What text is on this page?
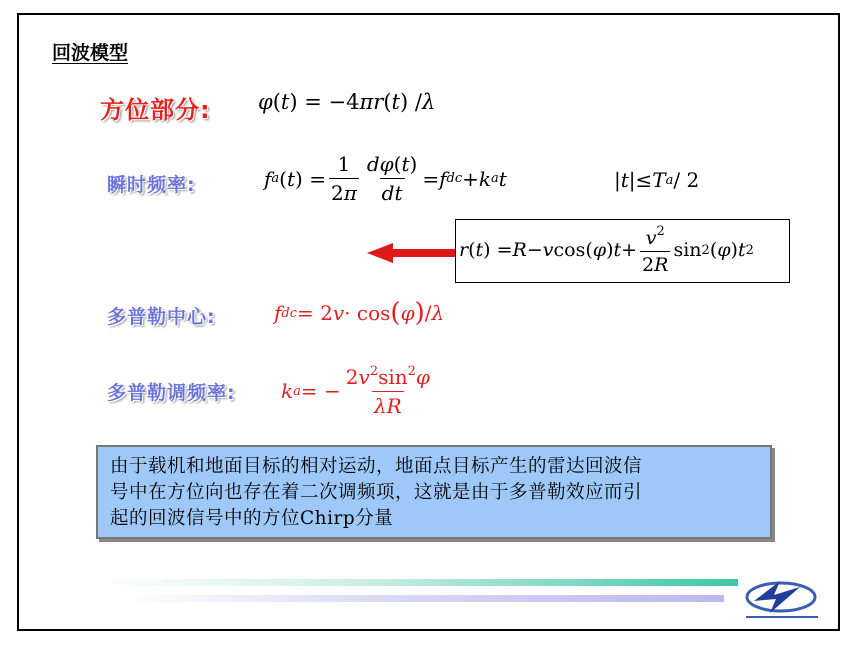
回波模型
方位部分: φ ( t ) = −4 π r ( t ) / λ
瞬时频率:	f a ( t ) = $\frac{1}{2\pi} \frac{d\varphi(t)}{dt} = f$ dc + k a t	| t |≤ T a / 2
r ( t ) = R − v cos( φ ) $t + \frac{v^2}{2R}$ sin 2 ( φ ) t 2
多普勒中心:	f dc = 2 v · cos ( φ ) / λ
多普勒调频率: k a = − $\frac{2v^2\sin^2\varphi}{\lambda R}$
由于载机和地面目标的相对运动，地面点目标产生的雷达回波信
号中在方位向也存在着二次调频项，这就是由于多普勒效应而引
起的回波信号中的方位Chirp分量
